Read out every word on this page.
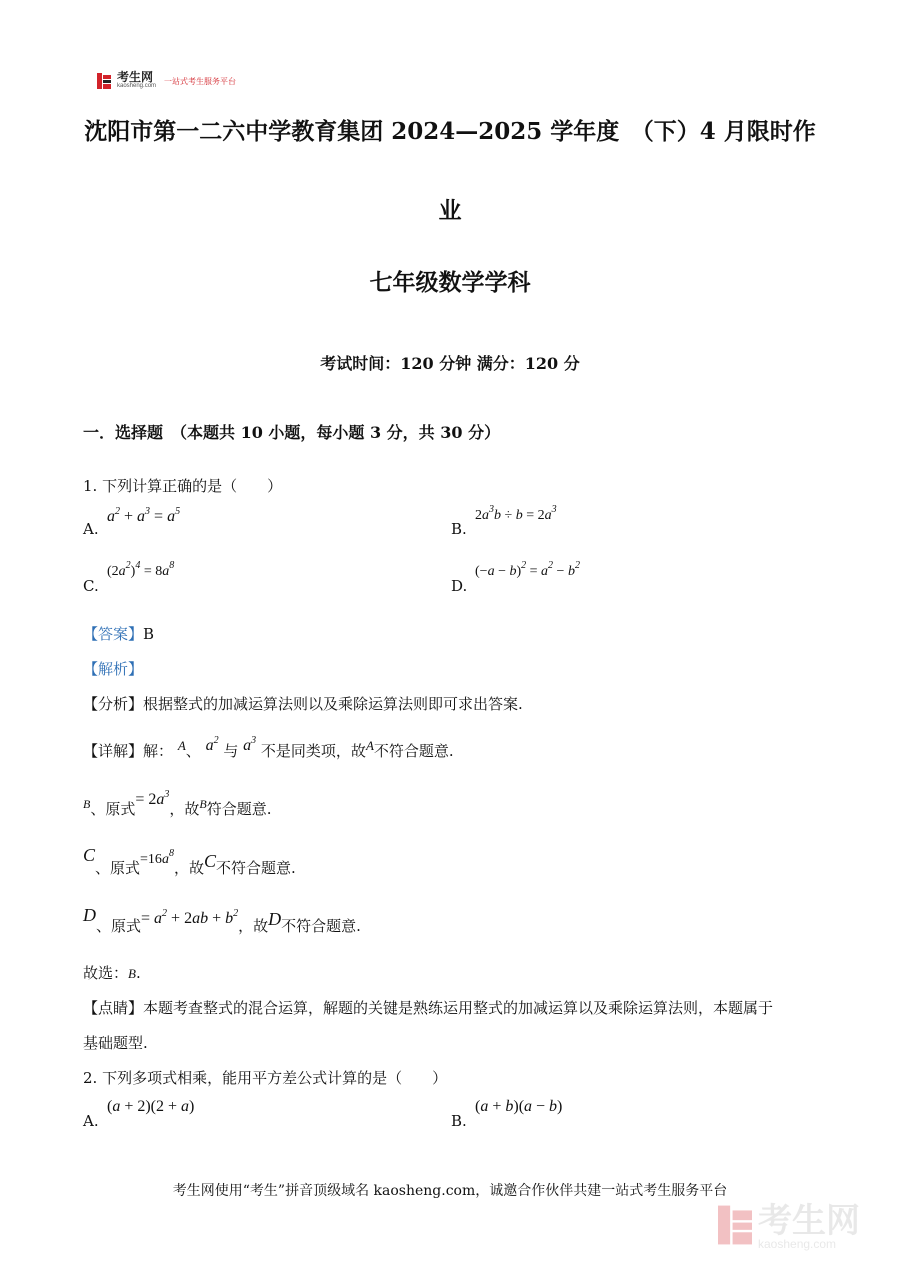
考生网
kaosheng.com
一站式考生服务平台
沈阳市第一二六中学教育集团 2024—2025 学年度　（下）4 月限时作
业
七年级数学学科
考试时间：120 分钟 满分：120 分
一．选择题　（本题共 10 小题，每小题 3 分，共 30 分）
1. 下列计算正确的是（　　）
A.
$a^2 + a^3 = a^5$
B.
$2a^3b \div b = 2a^3$
C.
$(2a^2)^4 = 8a^8$
D.
$(-a - b)^2 = a^2 - b^2$
【答案】B
【解析】
【分析】根据整式的加减运算法则以及乘除运算法则即可求出答案.
【详解】解： A、 $a^2$ 与 $a^3$ 不是同类项，故A不符合题意.
$^B$、原式= $2a^3$，故$^B$符合题意.
C、原式$=16a^8$，故C不符合题意.
D、原式= $a^2 + 2ab + b^2$，故D不符合题意.
故选：B.
【点睛】本题考查整式的混合运算，解题的关键是熟练运用整式的加减运算以及乘除运算法则，本题属于
基础题型.
2. 下列多项式相乘，能用平方差公式计算的是（　　）
A.
(a + 2)(2 + a)
B.
(a + b)(a − b)
考生网使用“考生”拼音顶级域名 kaosheng.com，诚邀合作伙伴共建一站式考生服务平台
考生网
kaosheng.com
